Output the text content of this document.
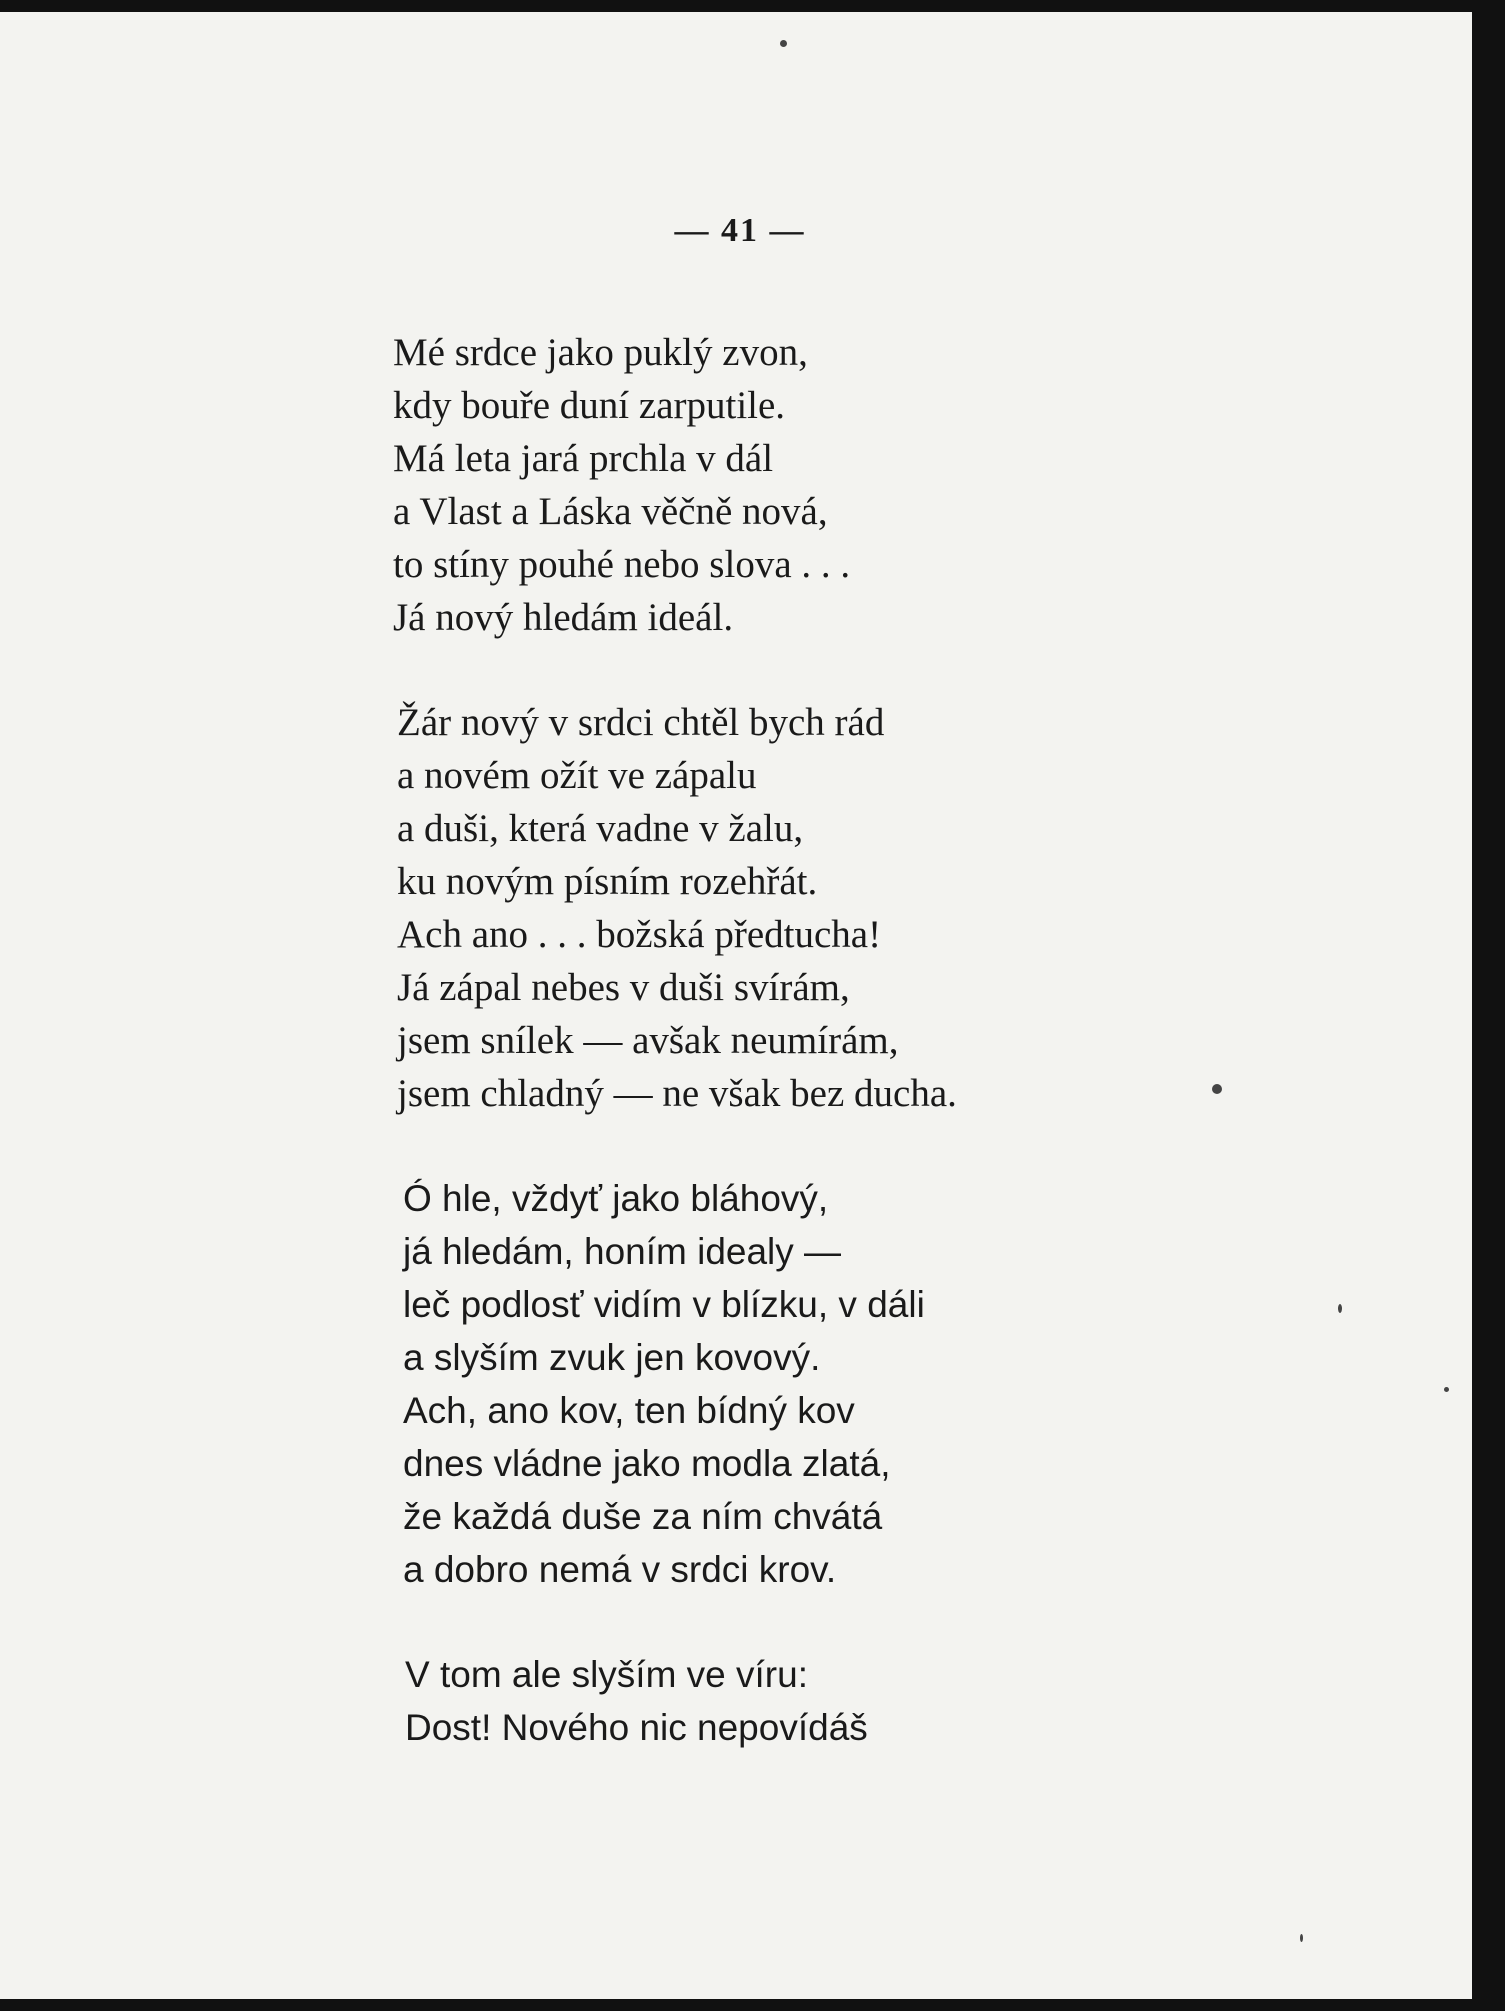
— 41 —
Mé srdce jako puklý zvon,
kdy bouře duní zarputile.
Má leta jará prchla v dál
a Vlast a Láska věčně nová,
to stíny pouhé nebo slova . . .
Já nový hledám ideál.
Žár nový v srdci chtěl bych rád
a novém ožít ve zápalu
a duši, která vadne v žalu,
ku novým písním rozehřát.
Ach ano . . . božská předtucha!
Já zápal nebes v duši svírám,
jsem snílek — avšak neumírám,
jsem chladný — ne však bez ducha.
Ó hle, vždyť jako bláhový,
já hledám, honím idealy —
leč podlosť vidím v blízku, v dáli
a slyším zvuk jen kovový.
Ach, ano kov, ten bídný kov
dnes vládne jako modla zlatá,
že každá duše za ním chvátá
a dobro nemá v srdci krov.
V tom ale slyším ve víru:
Dost! Nového nic nepovídáš
